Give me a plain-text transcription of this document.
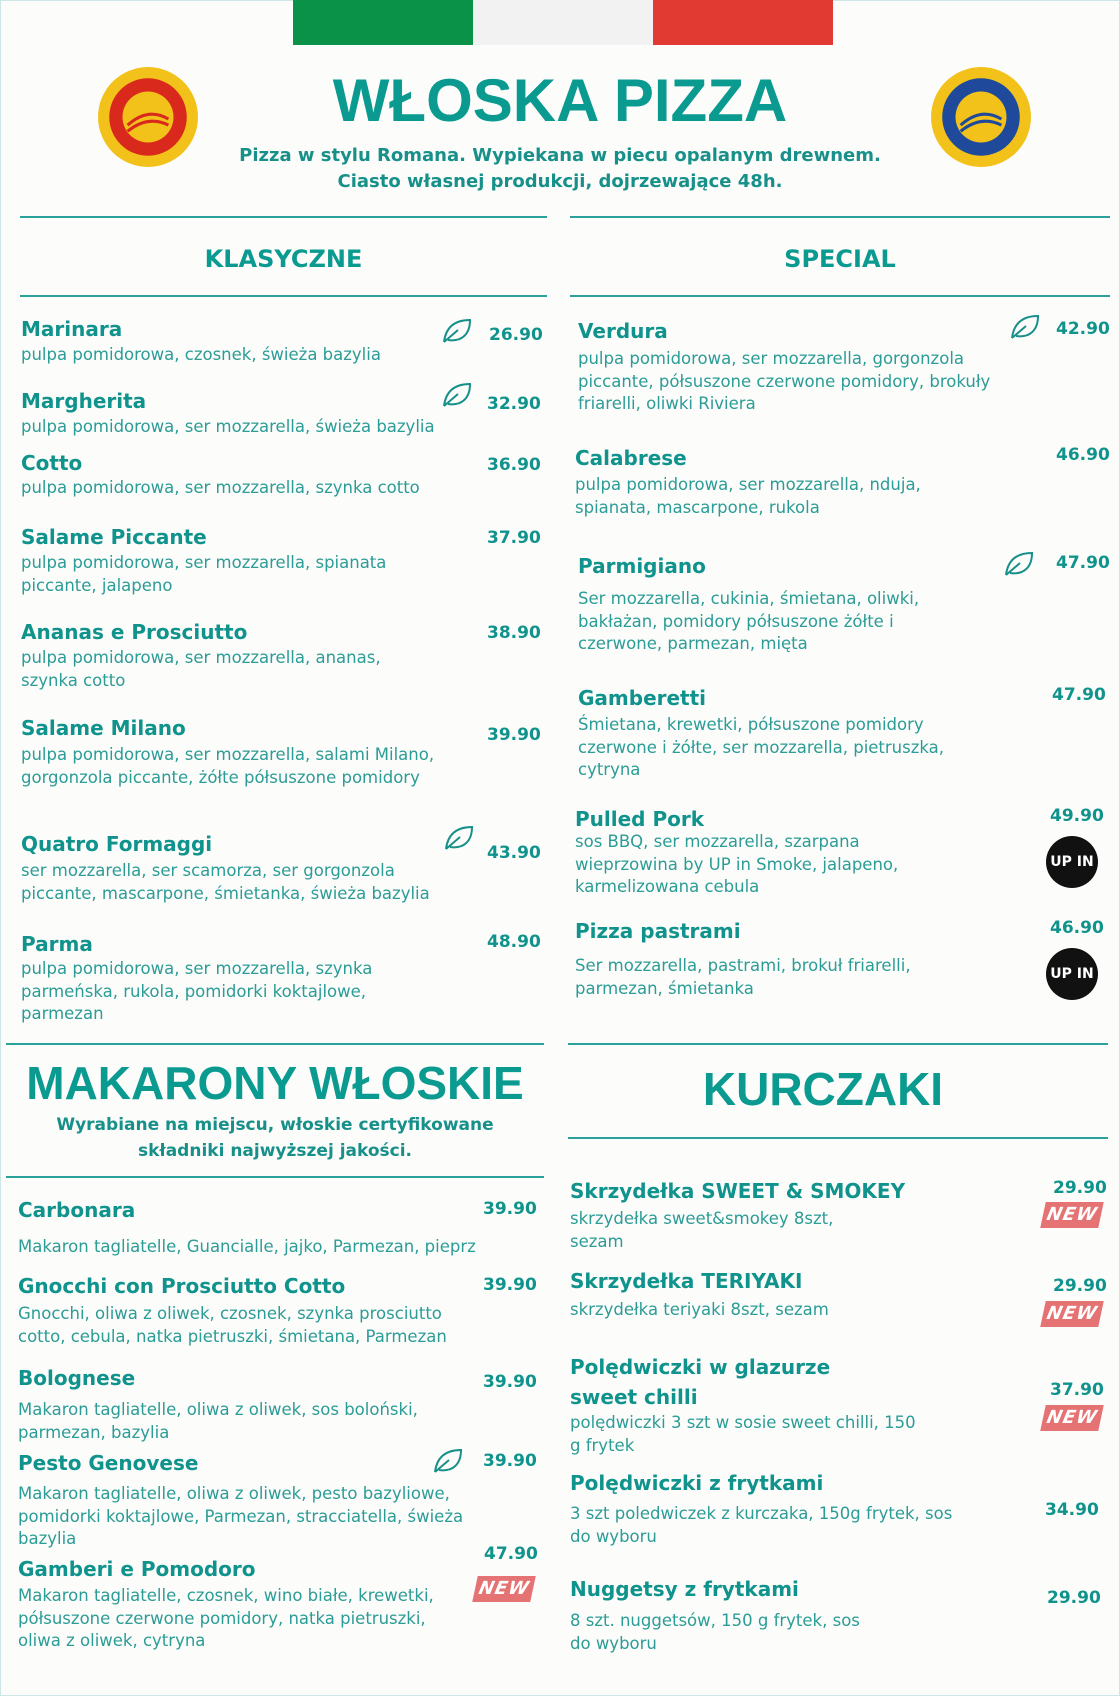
WŁOSKA PIZZA
Pizza w stylu Romana. Wypiekana w piecu opalanym drewnem. Ciasto własnej produkcji, dojrzewające 48h.
KLASYCZNE	SPECIAL
Marinara
pulpa pomidorowa, czosnek, świeża bazylia
26.90
Margherita
pulpa pomidorowa, ser mozzarella, świeża bazylia
32.90
Cotto
pulpa pomidorowa, ser mozzarella, szynka cotto
36.90
Salame Piccante
pulpa pomidorowa, ser mozzarella, spianata piccante, jalapeno
37.90
Ananas e Prosciutto
pulpa pomidorowa, ser mozzarella, ananas, szynka cotto
38.90
Salame Milano
pulpa pomidorowa, ser mozzarella, salami Milano, gorgonzola piccante, żółte półsuszone pomidory
39.90
Quatro Formaggi
ser mozzarella, ser scamorza, ser gorgonzola piccante, mascarpone, śmietanka, świeża bazylia
43.90
Parma
pulpa pomidorowa, ser mozzarella, szynka parmeńska, rukola, pomidorki koktajlowe, parmezan
48.90
Verdura
pulpa pomidorowa, ser mozzarella, gorgonzola piccante, półsuszone czerwone pomidory, brokuły friarelli, oliwki Riviera
42.90
Calabrese
pulpa pomidorowa, ser mozzarella, nduja, spianata, mascarpone, rukola
46.90
Parmigiano
Ser mozzarella, cukinia, śmietana, oliwki, bakłażan, pomidory półsuszone żółte i czerwone, parmezan, mięta
47.90
Gamberetti
Śmietana, krewetki, półsuszone pomidory czerwone i żółte, ser mozzarella, pietruszka, cytryna
47.90
Pulled Pork
sos BBQ, ser mozzarella, szarpana wieprzowina by UP in Smoke, jalapeno, karmelizowana cebula
49.90
UP IN
Pizza pastrami
Ser mozzarella, pastrami, brokuł friarelli, parmezan, śmietanka
46.90
UP IN
MAKARONY WŁOSKIE
Wyrabiane na miejscu, włoskie certyfikowane składniki najwyższej jakości.
KURCZAKI
Carbonara
Makaron tagliatelle, Guancialle, jajko, Parmezan, pieprz
39.90
Gnocchi con Prosciutto Cotto
Gnocchi, oliwa z oliwek, czosnek, szynka prosciutto cotto, cebula, natka pietruszki, śmietana, Parmezan
39.90
Bolognese
Makaron tagliatelle, oliwa z oliwek, sos boloński, parmezan, bazylia
39.90
Pesto Genovese
Makaron tagliatelle, oliwa z oliwek, pesto bazyliowe, pomidorki koktajlowe, Parmezan, stracciatella, świeża bazylia
39.90
Gamberi e Pomodoro
Makaron tagliatelle, czosnek, wino białe, krewetki, półsuszone czerwone pomidory, natka pietruszki, oliwa z oliwek, cytryna
47.90
NEW
Skrzydełka SWEET & SMOKEY
skrzydełka sweet&smokey 8szt, sezam
29.90
NEW
Skrzydełka TERIYAKI
skrzydełka teriyaki 8szt, sezam
29.90
NEW
Polędwiczki w glazurze sweet chilli
polędwiczki 3 szt w sosie sweet chilli, 150 g frytek
37.90
NEW
Polędwiczki z frytkami
3 szt poledwiczek z kurczaka, 150g frytek, sos do wyboru
34.90
Nuggetsy z frytkami
8 szt. nuggetsów, 150 g frytek, sos do wyboru
29.90
